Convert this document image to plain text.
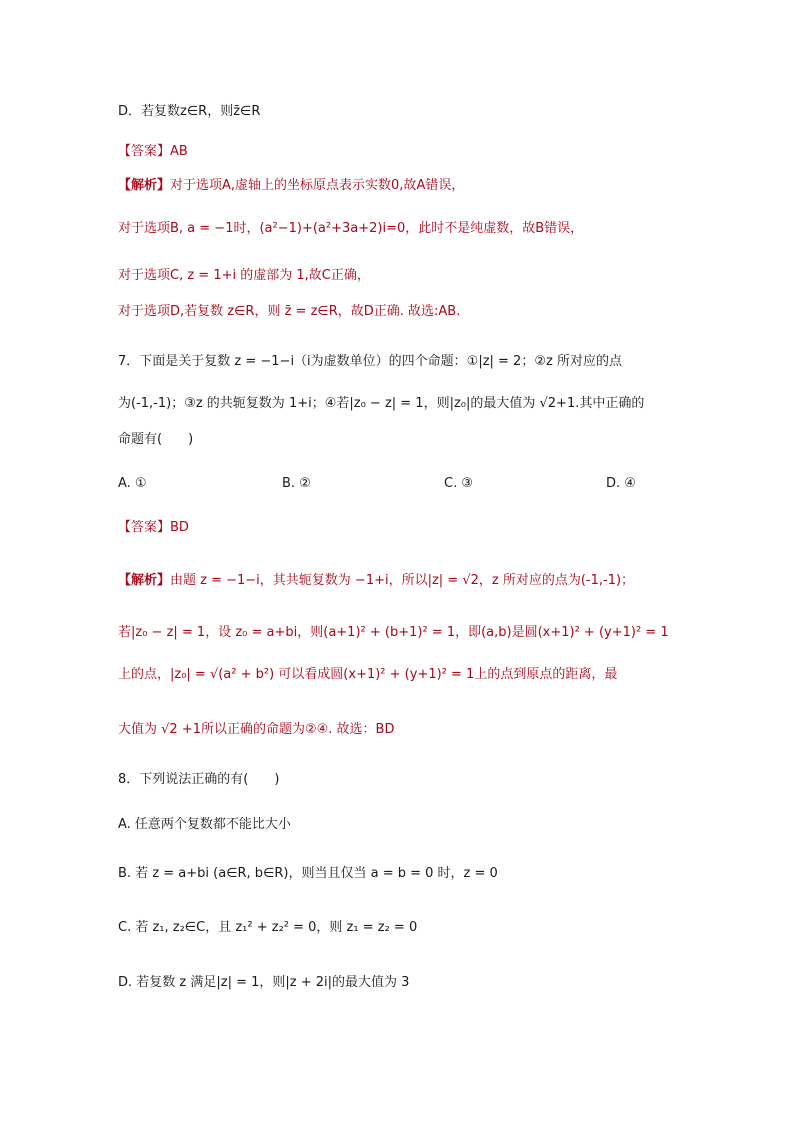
D．若复数z∈R，则z̄∈R
【答案】AB
【解析】对于选项A,虚轴上的坐标原点表示实数0,故A错误，
对于选项B, a = −1时，(a²−1)+(a²+3a+2)i=0，此时不是纯虚数，故B错误，
对于选项C, z = 1+i 的虚部为 1,故C正确，
对于选项D,若复数 z∈R，则 z̄ = z∈R，故D正确. 故选:AB.
7．下面是关于复数 z = −1−i（i为虚数单位）的四个命题：①|z| = 2；②z 所对应的点
为(-1,-1)；③z 的共轭复数为 1+i；④若|z₀ − z| = 1，则|z₀|的最大值为 √2+1.其中正确的
命题有(　　)
A. ①	B. ②	C. ③	D. ④
【答案】BD
【解析】由题 z = −1−i，其共轭复数为 −1+i，所以|z| = √2，z 所对应的点为(-1,-1)；
若|z₀ − z| = 1，设 z₀ = a+bi，则(a+1)² + (b+1)² = 1，即(a,b)是圆(x+1)² + (y+1)² = 1
上的点，|z₀| = √(a² + b²) 可以看成圆(x+1)² + (y+1)² = 1上的点到原点的距离，最
大值为 √2 +1所以正确的命题为②④. 故选：BD
8．下列说法正确的有(　　)
A. 任意两个复数都不能比大小
B. 若 z = a+bi (a∈R, b∈R)，则当且仅当 a = b = 0 时，z = 0
C. 若 z₁, z₂∈C，且 z₁² + z₂² = 0，则 z₁ = z₂ = 0
D. 若复数 z 满足|z| = 1，则|z + 2i|的最大值为 3
